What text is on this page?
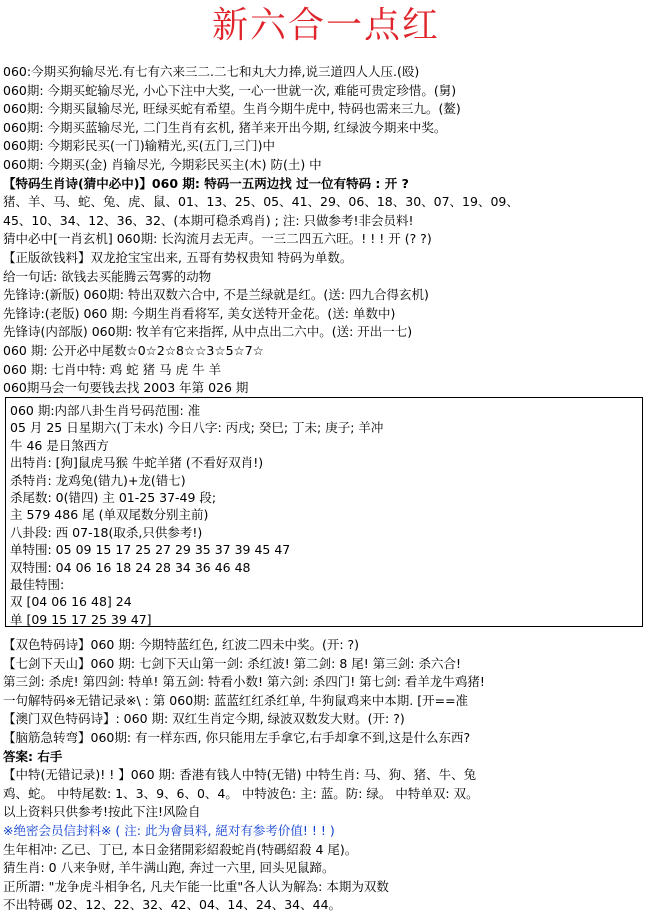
新六合一点红
060:今期买狗输尽光.有七有六来三二.二七和丸大力捧,说三道四人人压.(殴)
060期: 今期买蛇输尽光, 小心下注中大奖, 一心一世就一次, 难能可贵定珍惜。(舅)
060期: 今期买鼠输尽光, 旺绿买蛇有希望。生肖今期牛虎中, 特码也需来三九。(鳌)
060期: 今期买蓝输尽光, 二门生肖有玄机, 猪羊来开出今期, 红绿波今期来中奖。
060期: 今期彩民买(一门)输精光,买(五门,三门)中
060期: 今期买(金) 肖输尽光, 今期彩民买主(木) 防(土) 中
【特码生肖诗(猜中必中)】060 期: 特码一五两边找 过一位有特码 : 开 ?
猪、羊、马、蛇、兔、虎、鼠、01、13、25、05、41、29、06、18、30、07、19、09、
45、10、34、12、36、32、(本期可稳杀鸡肖) ; 注: 只做参考!非会员料!
猜中必中[一肖玄机] 060期: 长沟流月去无声。一三二四五六旺。! ! ! 开 (? ?)
【正版欲钱料】双龙抢宝宝出来, 五哥有势权贵知 特码为单数。
给一句话: 欲钱去买能腾云驾雾的动物
先锋诗:(新版) 060期: 特出双数六合中, 不是兰绿就是红。(送: 四九合得玄机)
先锋诗:(老版) 060 期: 今期生肖看将军, 美女送特开金花。(送: 单数中)
先锋诗(内部版) 060期: 牧羊有它来指挥, 从中点出二六中。(送: 开出一七)
060 期: 公开必中尾数☆0☆2☆8☆☆3☆5☆7☆
060 期: 七肖中特: 鸡 蛇 猪 马 虎 牛 羊
060期马会一句要钱去找 2003 年第 026 期
060 期:内部八卦生肖号码范围: 准
05 月 25 日星期六(丁未水) 今日八字: 丙戌; 癸巳; 丁未; 庚子; 羊冲
牛 46 是日煞西方
出特肖: [狗]鼠虎马猴 牛蛇羊猪 (不看好双肖!)
杀特肖: 龙鸡兔(错九)+龙(错七)
杀尾数: 0(错四) 主 01-25 37-49 段;
主 579 486 尾 (单双尾数分别主前)
八卦段: 西 07-18(取杀,只供参考!)
单特围: 05 09 15 17 25 27 29 35 37 39 45 47
双特围: 04 06 16 18 24 28 34 36 46 48
最佳特围:
双 [04 06 16 48] 24
单 [09 15 17 25 39 47]
【双色特码诗】060 期: 今期特蓝红色, 红波二四未中奖。(开: ?)
【七剑下天山】060 期: 七剑下天山第一剑: 杀红波! 第二剑: 8 尾! 第三剑: 杀六合!
第三剑: 杀虎! 第四剑: 特单! 第五剑: 特看小数! 第六剑: 杀四门! 第七剑: 看羊龙牛鸡猪!
一句解特码※无错记录※\ : 第 060期: 蓝蓝红红杀红单, 牛狗鼠鸡来中本期. [开==准
【澳门双色特码诗】: 060 期: 双红生肖定今期, 绿波双数发大财。(开: ?)
【脑筋急转弯】060期: 有一样东西, 你只能用左手拿它,右手却拿不到,这是什么东西?
答案: 右手
【中特(无错记录)! ! 】060 期: 香港有钱人中特(无错) 中特生肖: 马、狗、猪、牛、兔
鸡、蛇。 中特尾数: 1、3、9、6、0、4。 中特波色: 主: 蓝。防: 绿。 中特单双: 双。
以上资料只供参考!按此下注!风险自
※绝密会员信封料※ ( 注: 此为會員料, 絕对有参考价值! ! ! )
生年相冲: 乙已、丁已, 本日金猪開彩紹殺蛇肖(特碼紹殺 4 尾)。
猜生肖: 0 八来争财, 羊牛满山跑, 奔过一六里, 回头见鼠蹄。
正所謂: "龙争虎斗相争名, 凡夫乍能一比重"各人认为解為: 本期为双数
不出特碼 02、12、22、32、42、04、14、24、34、44。
